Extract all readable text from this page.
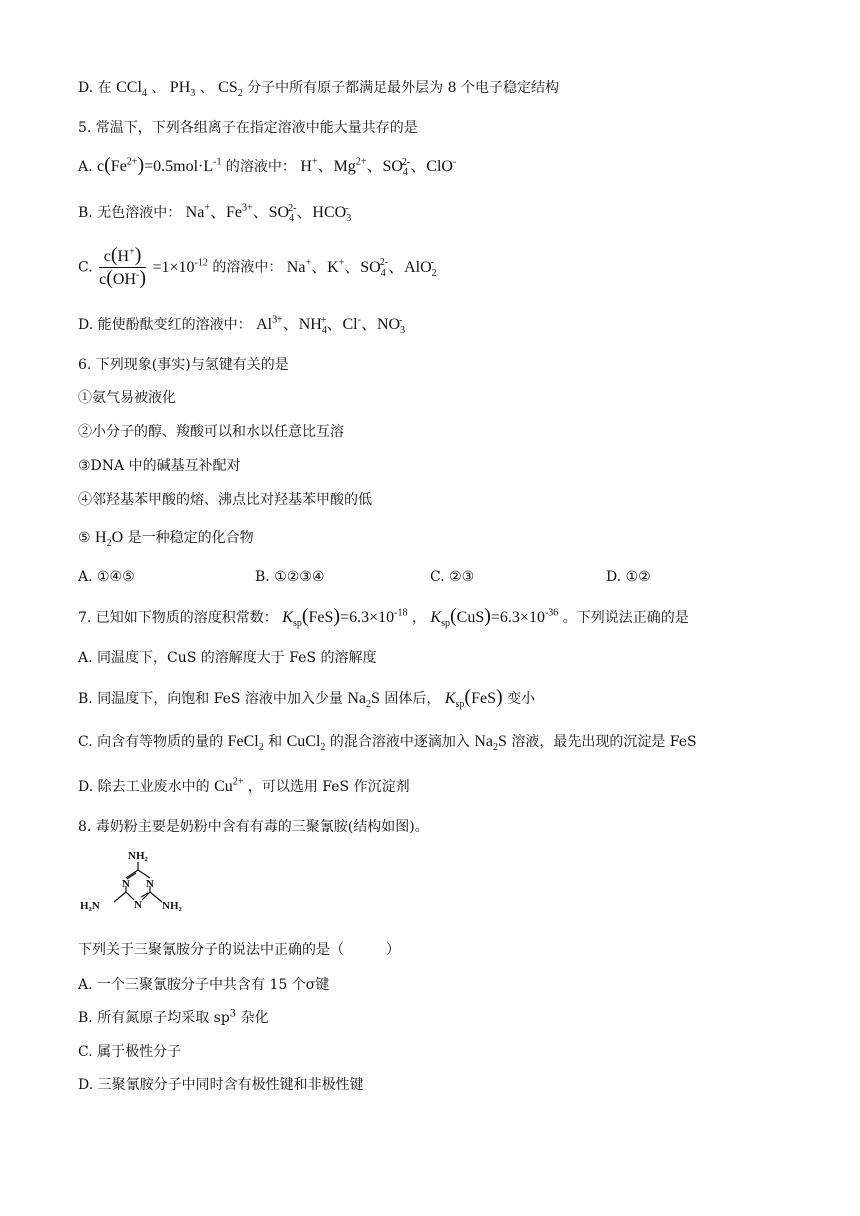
D. 在 CCl$_4$ 、 $PH_3$ 、 $CS_2$ 分子中所有原子都满足最外层为 8 个电子稳定结构
5. 常温下，下列各组离子在指定溶液中能大量共存的是
A. $c(Fe^{2+})=0.5mol\cdot L^{-1}$ 的溶液中： H+、$Mg^{2+}$、$SO_4^{2-}$、ClO-
B. 无色溶液中： Na+、$Fe^{3+}$、$SO_4^{2-}$、$HCO_3^-$
C. $\frac{c(H^+)}{c(OH^-)} =1\times 10^{-12}$ 的溶液中： Na+、K+、$SO_4^{2-}$、AlO$_2$-
D. 能使酚酞变红的溶液中： $Al^{3+}$、$NH_4^+$、Cl-、$NO_3^-$
6. 下列现象(事实)与氢键有关的是
①氨气易被液化
②小分子的醇、羧酸可以和水以任意比互溶
③DNA 中的碱基互补配对
④邻羟基苯甲酸的熔、沸点比对羟基苯甲酸的低
⑤ $H_2O$ 是一种稳定的化合物
A. ①④⑤	B. ①②③④	C. ②③	D. ①②
7. 已知如下物质的溶度积常数： $K_{sp}(FeS)=6.3\times 10^{-18}$ ， $K_{sp}(CuS)=6.3\times 10^{-36}$ 。下列说法正确的是
A. 同温度下，CuS 的溶解度大于 FeS 的溶解度
B. 同温度下，向饱和 FeS 溶液中加入少量 $Na_2S$ 固体后， $K_{sp}(FeS)$ 变小
C. 向含有等物质的量的 FeCl$_2$ 和 CuCl$_2$ 的混合溶液中逐滴加入 $Na_2S$ 溶液，最先出现的沉淀是 FeS
D. 除去工业废水中的 $Cu^{2+}$ ，可以选用 FeS 作沉淀剂
8. 毒奶粉主要是奶粉中含有有毒的三聚氰胺(结构如图)。
NH₂
N N
N
H₂N	NH₂
下列关于三聚氰胺分子的说法中正确的是（　　　）
A. 一个三聚氰胺分子中共含有 15 个σ键
B. 所有氮原子均采取 $sp^3$ 杂化
C. 属于极性分子
D. 三聚氰胺分子中同时含有极性键和非极性键
